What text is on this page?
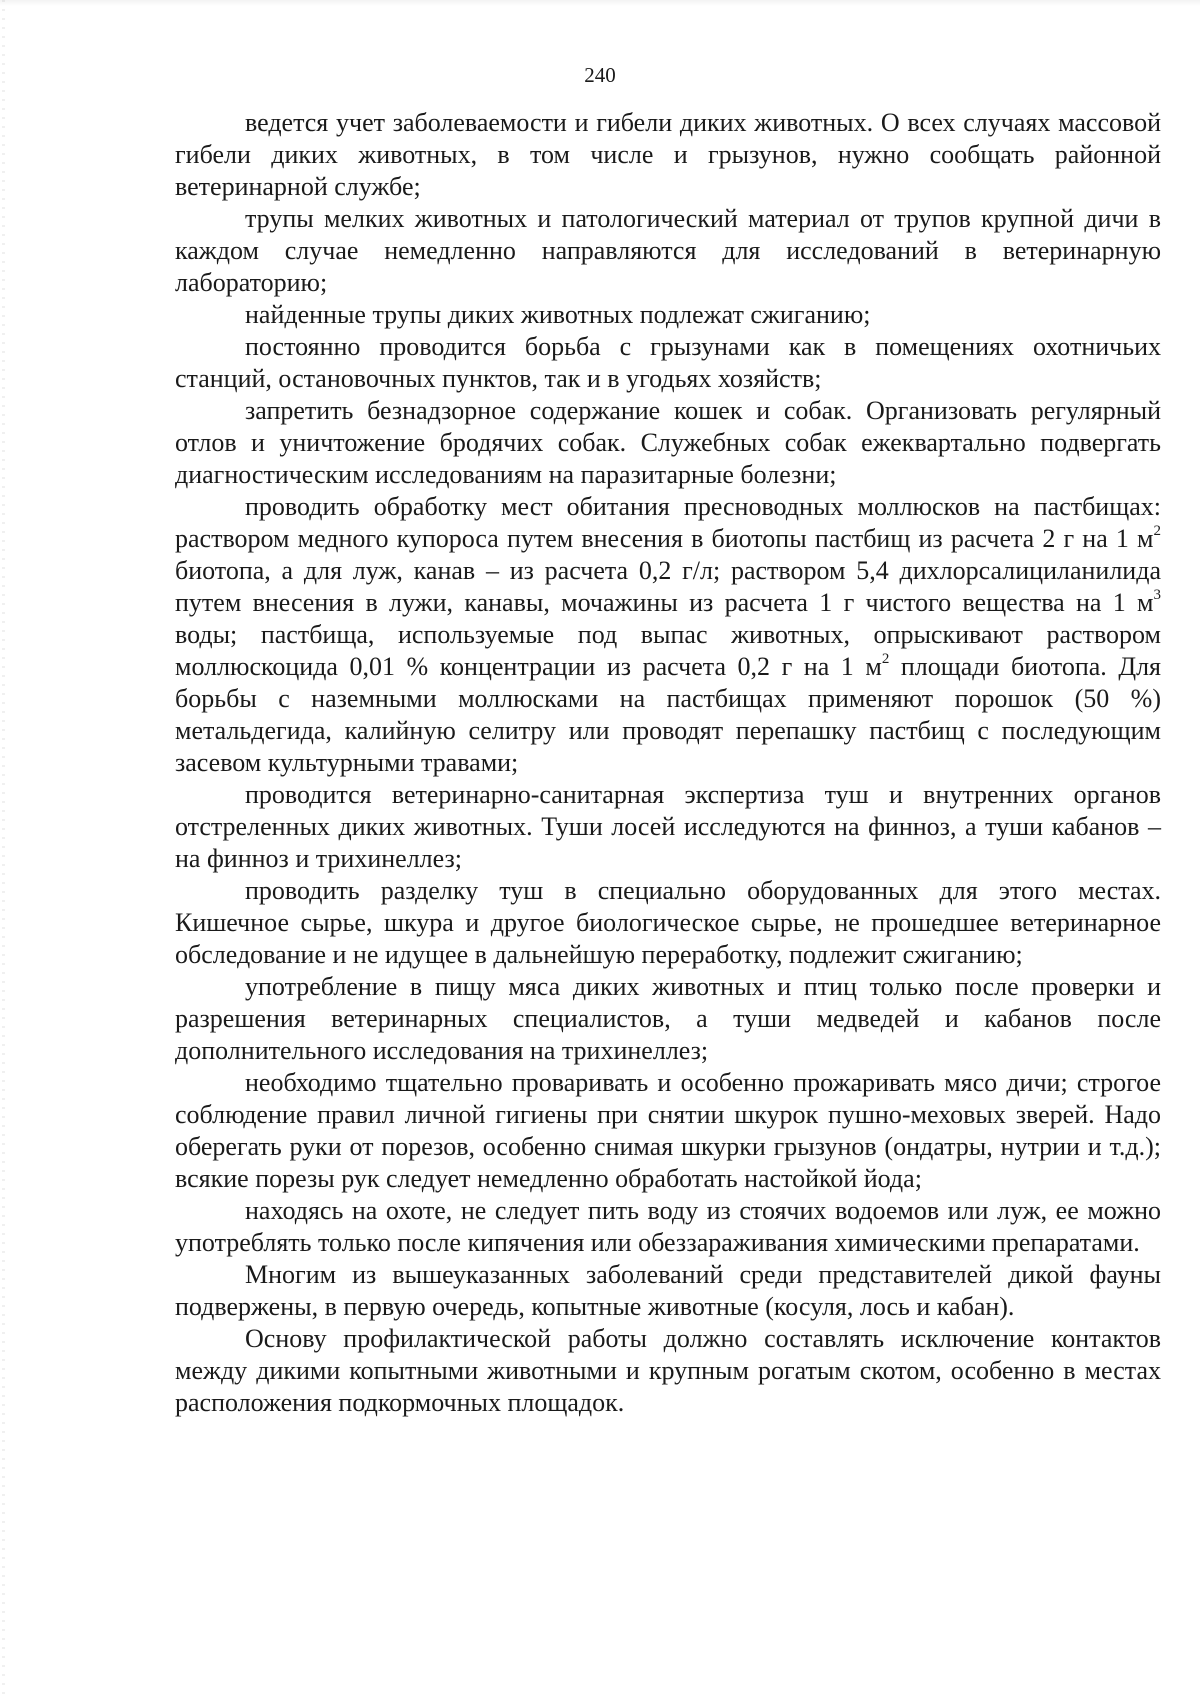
240

ведется учет заболеваемости и гибели диких животных. О всех случаях массовой гибели диких животных, в том числе и грызунов, нужно сообщать районной ветеринарной службе;

трупы мелких животных и патологический материал от трупов крупной дичи в каждом случае немедленно направляются для исследований в ветеринарную лабораторию;

найденные трупы диких животных подлежат сжиганию;

постоянно проводится борьба с грызунами как в помещениях охотничьих станций, остановочных пунктов, так и в угодьях хозяйств;

запретить безнадзорное содержание кошек и собак. Организовать регулярный отлов и уничтожение бродячих собак. Служебных собак ежеквартально подвергать диагностическим исследованиям на паразитарные болезни;

проводить обработку мест обитания пресноводных моллюсков на пастбищах: раствором медного купороса путем внесения в биотопы пастбищ из расчета 2 г на 1 $м^2$ биотопа, а для луж, канав – из расчета 0,2 г/л; раствором 5,4 дихлорсалициланилида путем внесения в лужи, канавы, мочажины из расчета 1 г чистого вещества на 1 $м^3$ воды; пастбища, используемые под выпас животных, опрыскивают раствором моллюскоцида 0,01 % концентрации из расчета 0,2 г на 1 $м^2$ площади биотопа. Для борьбы с наземными моллюсками на пастбищах применяют порошок (50 %) метальдегида, калийную селитру или проводят перепашку пастбищ с последующим засевом культурными травами;

проводится ветеринарно-санитарная экспертиза туш и внутренних органов отстреленных диких животных. Туши лосей исследуются на финноз, а туши кабанов – на финноз и трихинеллез;

проводить разделку туш в специально оборудованных для этого местах. Кишечное сырье, шкура и другое биологическое сырье, не прошедшее ветеринарное обследование и не идущее в дальнейшую переработку, подлежит сжиганию;

употребление в пищу мяса диких животных и птиц только после проверки и разрешения ветеринарных специалистов, а туши медведей и кабанов после дополнительного исследования на трихинеллез;

необходимо тщательно проваривать и особенно прожаривать мясо дичи; строгое соблюдение правил личной гигиены при снятии шкурок пушно-меховых зверей. Надо оберегать руки от порезов, особенно снимая шкурки грызунов (ондатры, нутрии и т.д.); всякие порезы рук следует немедленно обработать настойкой йода;

находясь на охоте, не следует пить воду из стоячих водоемов или луж, ее можно употреблять только после кипячения или обеззараживания химическими препаратами.

Многим из вышеуказанных заболеваний среди представителей дикой фауны подвержены, в первую очередь, копытные животные (косуля, лось и кабан).

Основу профилактической работы должно составлять исключение контактов между дикими копытными животными и крупным рогатым скотом, особенно в местах расположения подкормочных площадок.
